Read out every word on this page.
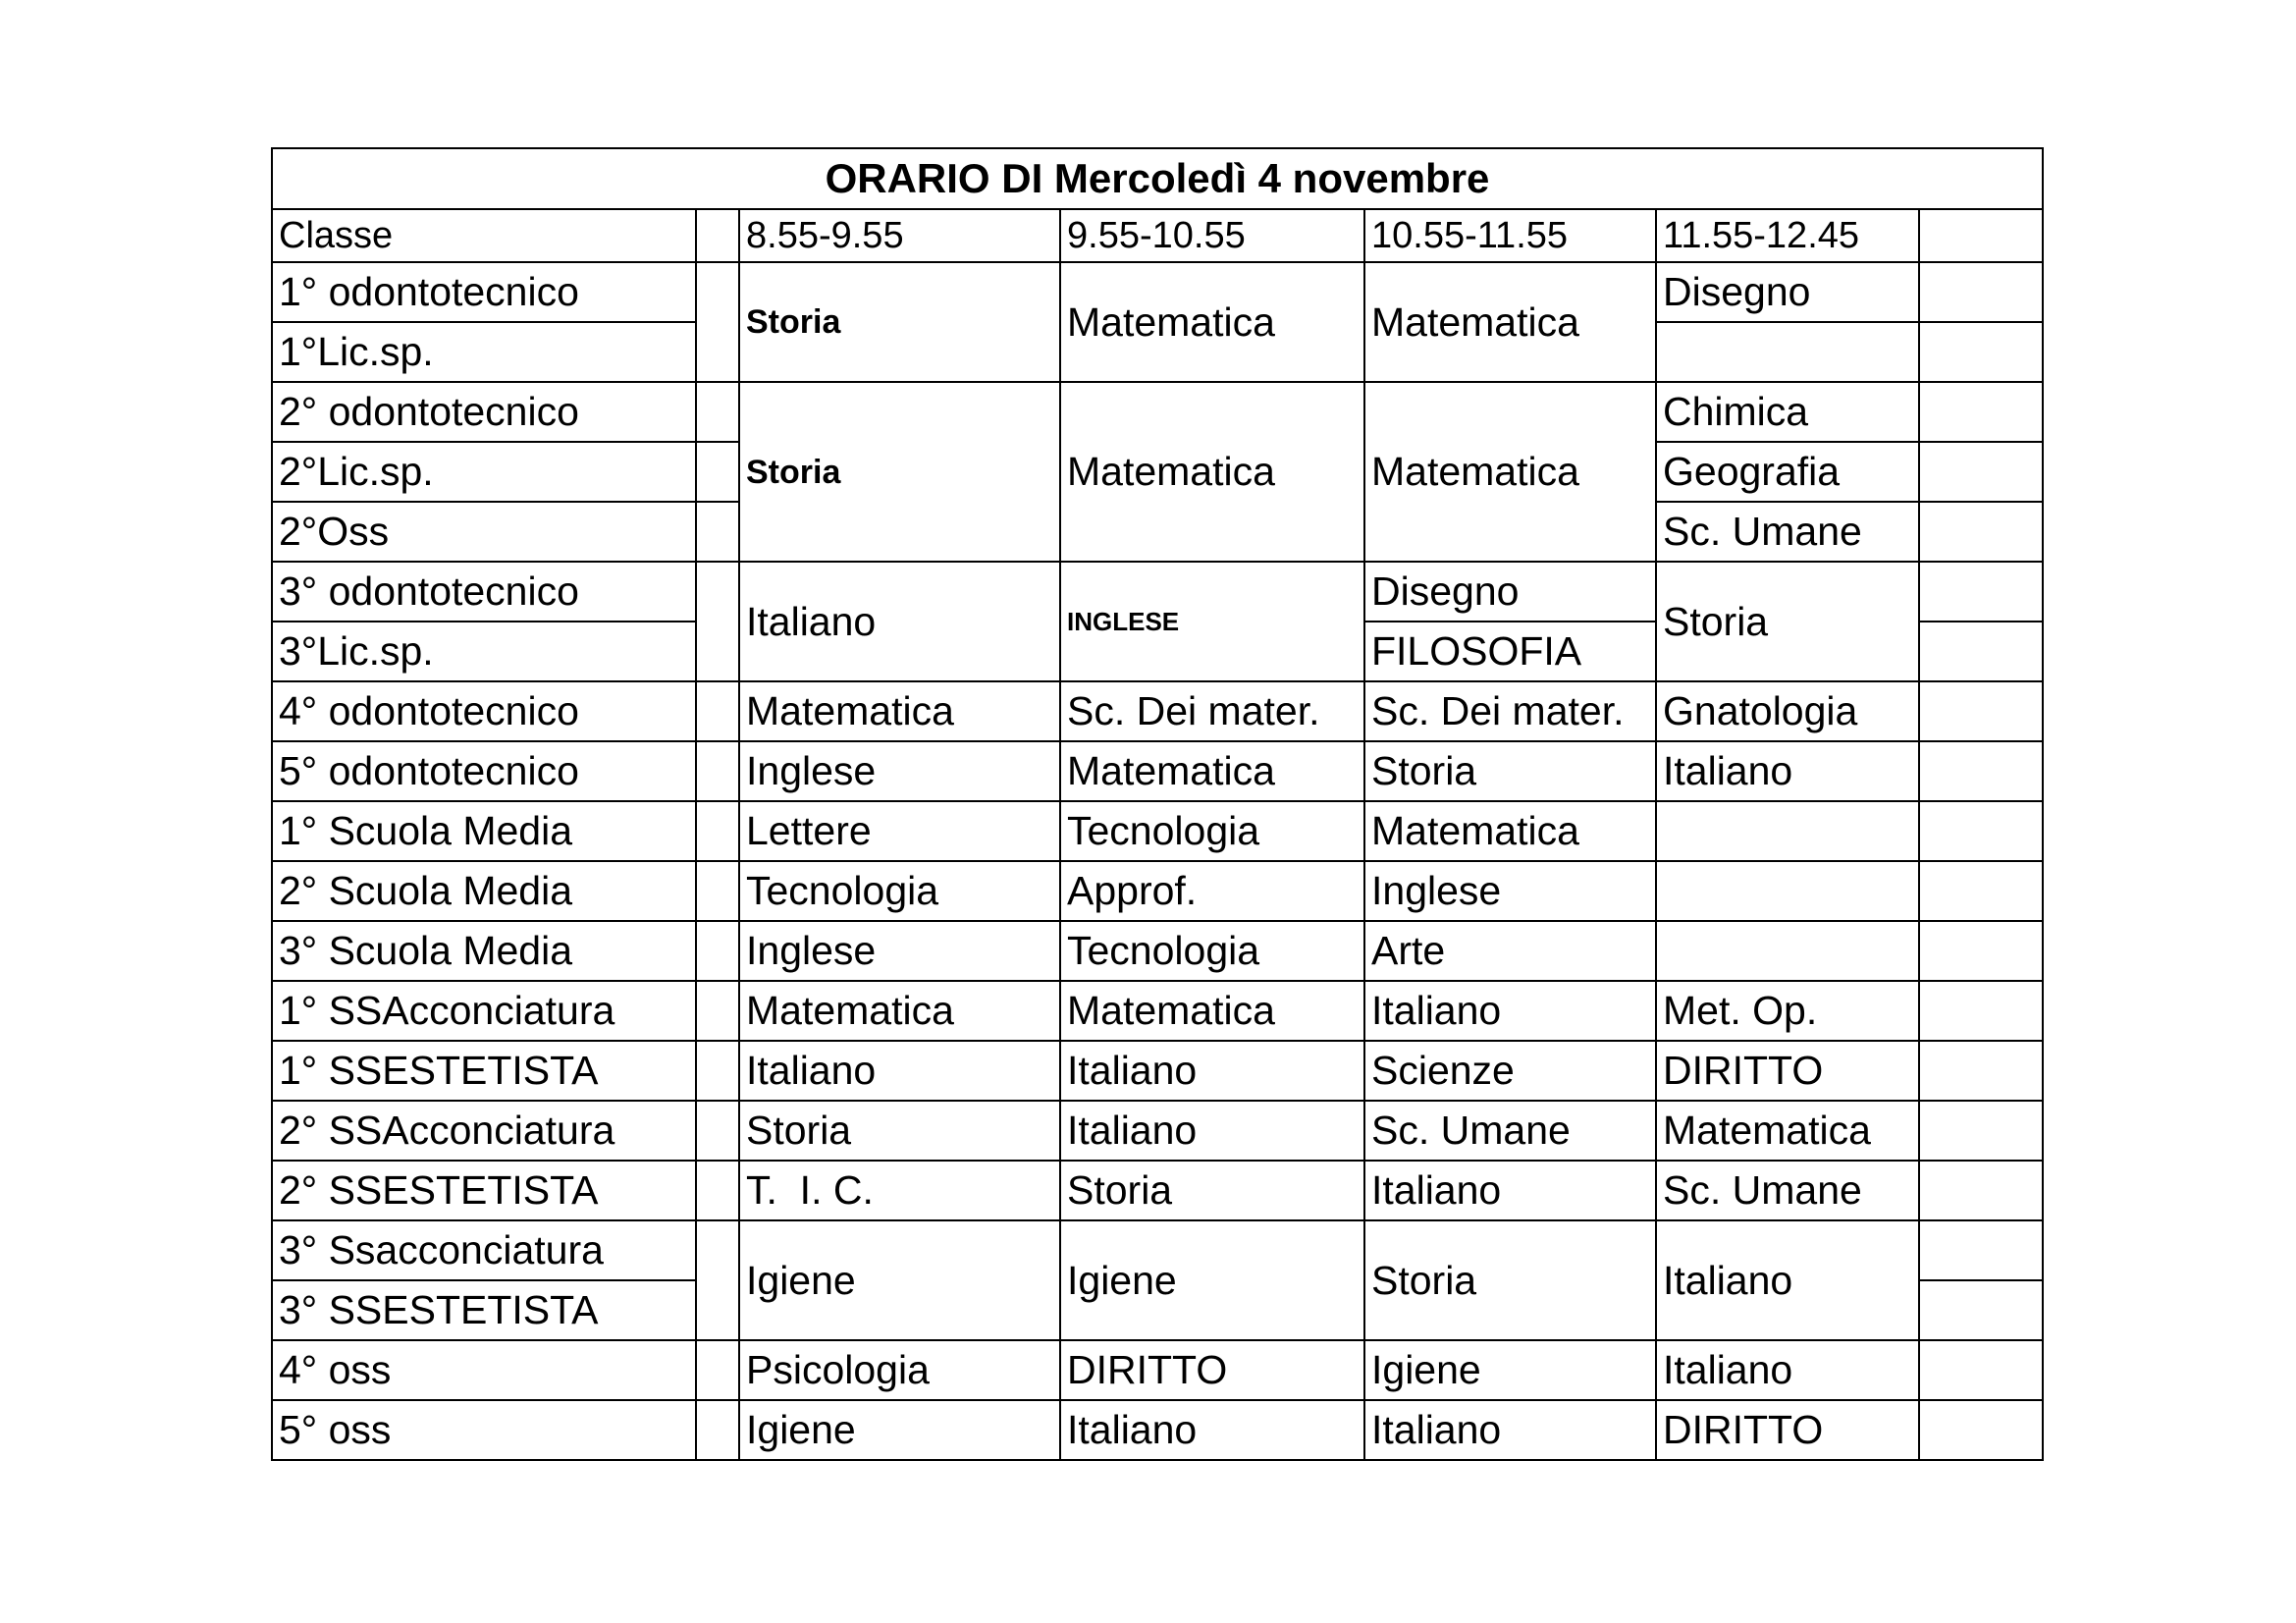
ORARIO DI Mercoledì 4 novembre						
Classe		8.55-9.55	9.55-10.55	10.55-11.55	11.55-12.45	
1° odontotecnico		Storia	Matematica	Matematica	Disegno	
1°Lic.sp.						
2° odontotecnico		Storia	Matematica	Matematica	Chimica	
2°Lic.sp.					Geografia	
2°Oss					Sc. Umane	
3° odontotecnico		Italiano	INGLESE	Disegno	Storia	
3°Lic.sp.				FILOSOFIA		
4° odontotecnico		Matematica	Sc. Dei mater.	Sc. Dei mater.	Gnatologia	
5° odontotecnico		Inglese	Matematica	Storia	Italiano	
1° Scuola Media		Lettere	Tecnologia	Matematica		
2° Scuola Media		Tecnologia	Approf.	Inglese		
3° Scuola Media		Inglese	Tecnologia	Arte		
1° SSAcconciatura		Matematica	Matematica	Italiano	Met. Op.	
1° SSESTETISTA		Italiano	Italiano	Scienze	DIRITTO	
2° SSAcconciatura		Storia	Italiano	Sc. Umane	Matematica	
2° SSESTETISTA		T.  I. C.	Storia	Italiano	Sc. Umane	
3° Ssacconciatura		Igiene	Igiene	Storia	Italiano	
3° SSESTETISTA						
4° oss		Psicologia	DIRITTO	Igiene	Italiano	
5° oss		Igiene	Italiano	Italiano	DIRITTO	
